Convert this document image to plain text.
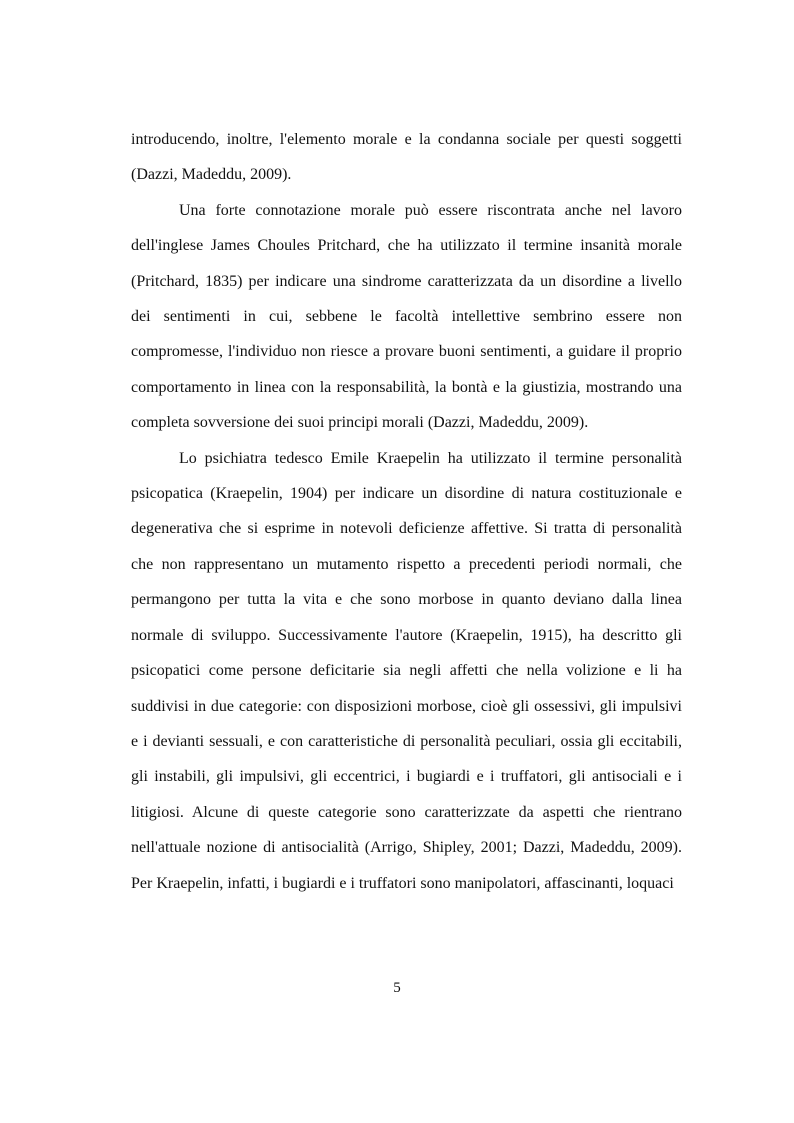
introducendo, inoltre, l'elemento morale e la condanna sociale per questi soggetti (Dazzi, Madeddu, 2009).

Una forte connotazione morale può essere riscontrata anche nel lavoro dell'inglese James Choules Pritchard, che ha utilizzato il termine insanità morale (Pritchard, 1835) per indicare una sindrome caratterizzata da un disordine a livello dei sentimenti in cui, sebbene le facoltà intellettive sembrino essere non compromesse, l'individuo non riesce a provare buoni sentimenti, a guidare il proprio comportamento in linea con la responsabilità, la bontà e la giustizia, mostrando una completa sovversione dei suoi principi morali (Dazzi, Madeddu, 2009).

Lo psichiatra tedesco Emile Kraepelin ha utilizzato il termine personalità psicopatica (Kraepelin, 1904) per indicare un disordine di natura costituzionale e degenerativa che si esprime in notevoli deficienze affettive. Si tratta di personalità che non rappresentano un mutamento rispetto a precedenti periodi normali, che permangono per tutta la vita e che sono morbose in quanto deviano dalla linea normale di sviluppo. Successivamente l'autore (Kraepelin, 1915), ha descritto gli psicopatici come persone deficitarie sia negli affetti che nella volizione e li ha suddivisi in due categorie: con disposizioni morbose, cioè gli ossessivi, gli impulsivi e i devianti sessuali, e con caratteristiche di personalità peculiari, ossia gli eccitabili, gli instabili, gli impulsivi, gli eccentrici, i bugiardi e i truffatori, gli antisociali e i litigiosi. Alcune di queste categorie sono caratterizzate da aspetti che rientrano nell'attuale nozione di antisocialità (Arrigo, Shipley, 2001; Dazzi, Madeddu, 2009). Per Kraepelin, infatti, i bugiardi e i truffatori sono manipolatori, affascinanti, loquaci

5
